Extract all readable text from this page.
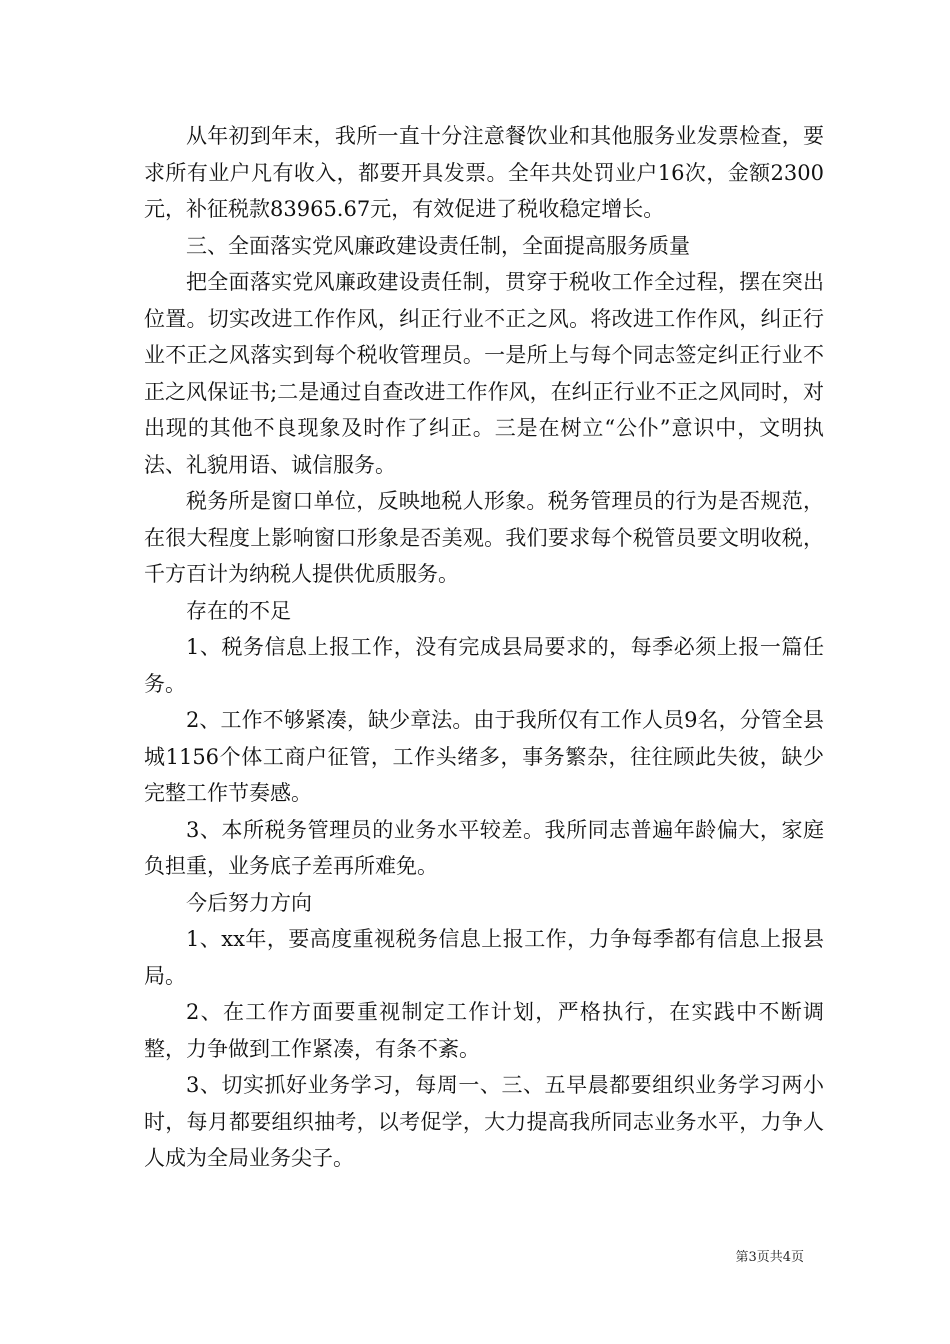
从年初到年末，我所一直十分注意餐饮业和其他服务业发票检查，要求所有业户凡有收入，都要开具发票。全年共处罚业户16次，金额2300元，补征税款83965.67元，有效促进了税收稳定增长。

三、全面落实党风廉政建设责任制，全面提高服务质量

把全面落实党风廉政建设责任制，贯穿于税收工作全过程，摆在突出位置。切实改进工作作风，纠正行业不正之风。将改进工作作风，纠正行业不正之风落实到每个税收管理员。一是所上与每个同志签定纠正行业不正之风保证书;二是通过自查改进工作作风，在纠正行业不正之风同时，对出现的其他不良现象及时作了纠正。三是在树立“公仆”意识中，文明执法、礼貌用语、诚信服务。

税务所是窗口单位，反映地税人形象。税务管理员的行为是否规范，在很大程度上影响窗口形象是否美观。我们要求每个税管员要文明收税，千方百计为纳税人提供优质服务。

存在的不足

1、税务信息上报工作，没有完成县局要求的，每季必须上报一篇任务。

2、工作不够紧凑，缺少章法。由于我所仅有工作人员9名，分管全县城1156个体工商户征管，工作头绪多，事务繁杂，往往顾此失彼，缺少完整工作节奏感。

3、本所税务管理员的业务水平较差。我所同志普遍年龄偏大，家庭负担重，业务底子差再所难免。

今后努力方向

1、xx年，要高度重视税务信息上报工作，力争每季都有信息上报县局。

2、在工作方面要重视制定工作计划，严格执行，在实践中不断调整，力争做到工作紧凑，有条不紊。

3、切实抓好业务学习，每周一、三、五早晨都要组织业务学习两小时，每月都要组织抽考，以考促学，大力提高我所同志业务水平，力争人人成为全局业务尖子。

第3页共4页
